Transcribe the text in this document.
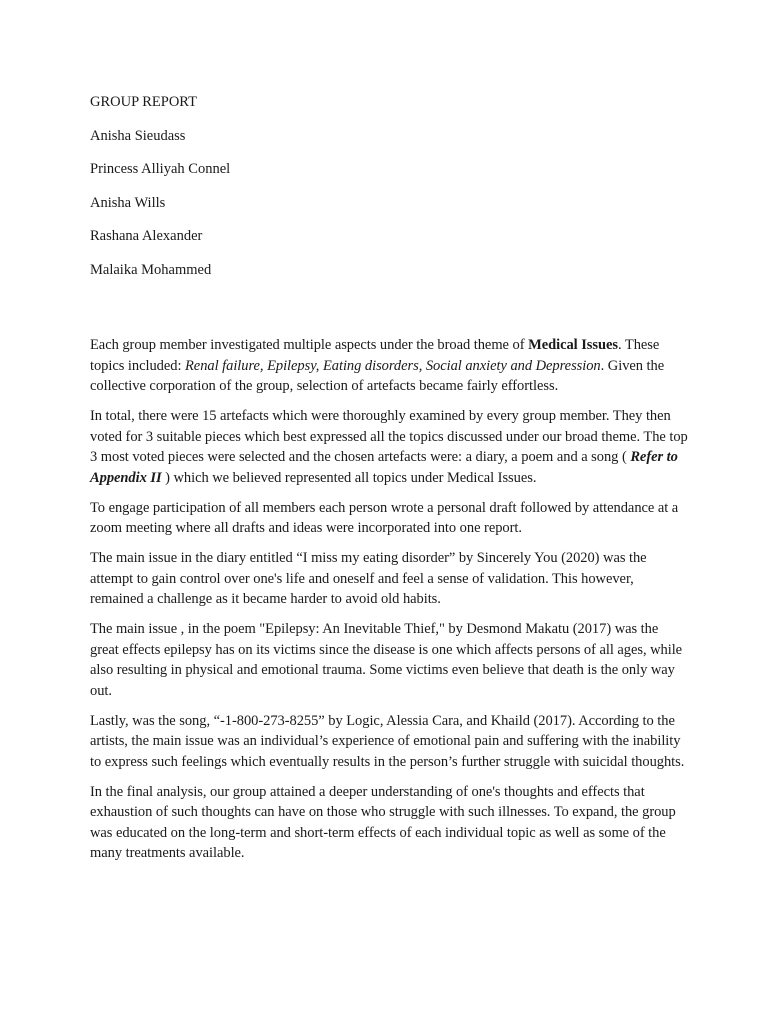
GROUP REPORT
Anisha Sieudass
Princess Alliyah Connel
Anisha Wills
Rashana Alexander
Malaika Mohammed

Each group member investigated multiple aspects under the broad theme of Medical Issues. These topics included: Renal failure, Epilepsy, Eating disorders, Social anxiety and Depression. Given the collective corporation of the group, selection of artefacts became fairly effortless.

In total, there were 15 artefacts which were thoroughly examined by every group member. They then voted for 3 suitable pieces which best expressed all the topics discussed under our broad theme. The top 3 most voted pieces were selected and the chosen artefacts were: a diary, a poem and a song ( Refer to Appendix II ) which we believed represented all topics under Medical Issues.

To engage participation of all members each person wrote a personal draft followed by attendance at a zoom meeting where all drafts and ideas were incorporated into one report.

The main issue in the diary entitled “I miss my eating disorder” by Sincerely You (2020) was the attempt to gain control over one's life and oneself and feel a sense of validation. This however, remained a challenge as it became harder to avoid old habits.

The main issue , in the poem "Epilepsy: An Inevitable Thief," by Desmond Makatu (2017) was the great effects epilepsy has on its victims since the disease is one which affects persons of all ages, while also resulting in physical and emotional trauma. Some victims even believe that death is the only way out.

Lastly, was the song, “-1-800-273-8255” by Logic, Alessia Cara, and Khaild (2017). According to the artists, the main issue was an individual’s experience of emotional pain and suffering with the inability to express such feelings which eventually results in the person’s further struggle with suicidal thoughts.

In the final analysis, our group attained a deeper understanding of one's thoughts and effects that exhaustion of such thoughts can have on those who struggle with such illnesses. To expand, the group was educated on the long-term and short-term effects of each individual topic as well as some of the many treatments available.
